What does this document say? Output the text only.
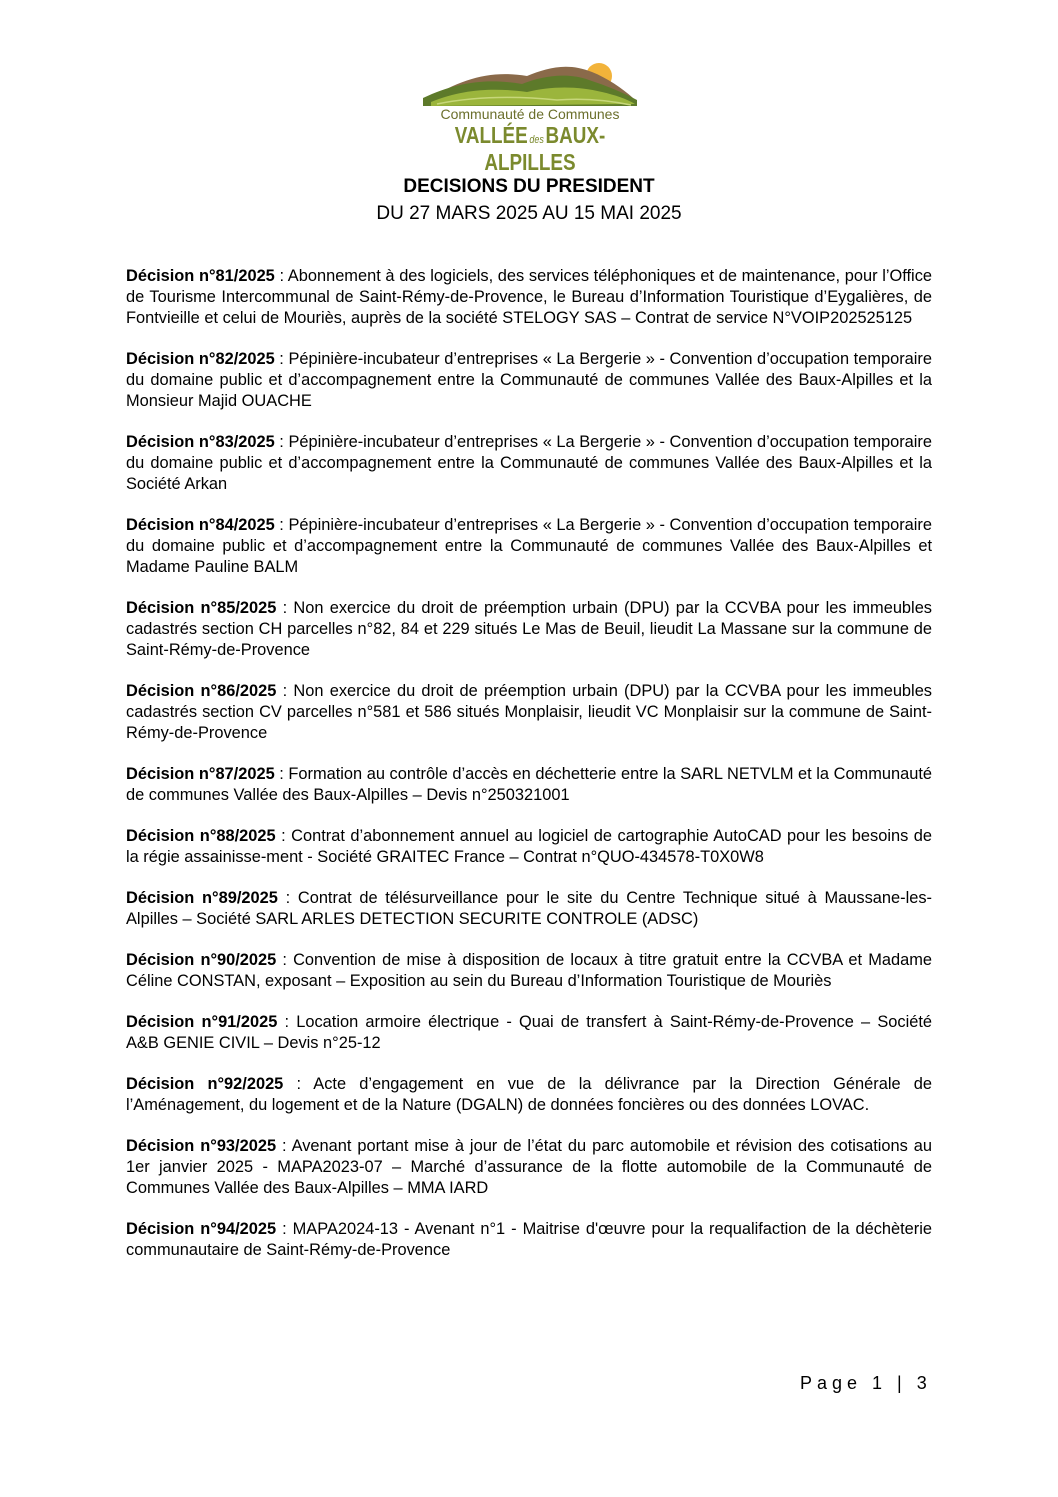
Communauté de Communes
VALLÉE desBAUX-ALPILLES
DECISIONS DU PRESIDENT
DU 27 MARS 2025 AU 15 MAI 2025

Décision n°81/2025 : Abonnement à des logiciels, des services téléphoniques et de maintenance, pour l’Office de Tourisme Intercommunal de Saint-Rémy-de-Provence, le Bureau d’Information Touristique d’Eygalières, de Fontvieille et celui de Mouriès, auprès de la société STELOGY SAS – Contrat de service N°VOIP202525125

Décision n°82/2025 : Pépinière-incubateur d’entreprises « La Bergerie » - Convention d’occupation temporaire du domaine public et d’accompagnement entre la Communauté de communes Vallée des Baux-Alpilles et la Monsieur Majid OUACHE

Décision n°83/2025 : Pépinière-incubateur d’entreprises « La Bergerie » - Convention d’occupation temporaire du domaine public et d’accompagnement entre la Communauté de communes Vallée des Baux-Alpilles et la Société Arkan

Décision n°84/2025 : Pépinière-incubateur d’entreprises « La Bergerie » - Convention d’occupation temporaire du domaine public et d’accompagnement entre la Communauté de communes Vallée des Baux-Alpilles et Madame Pauline BALM

Décision n°85/2025 : Non exercice du droit de préemption urbain (DPU) par la CCVBA pour les immeubles cadastrés section CH parcelles n°82, 84 et 229 situés Le Mas de Beuil, lieudit La Massane sur la commune de Saint-Rémy-de-Provence

Décision n°86/2025 : Non exercice du droit de préemption urbain (DPU) par la CCVBA pour les immeubles cadastrés section CV parcelles n°581 et 586 situés Monplaisir, lieudit VC Monplaisir sur la commune de Saint-Rémy-de-Provence

Décision n°87/2025 : Formation au contrôle d’accès en déchetterie entre la SARL NETVLM et la Communauté de communes Vallée des Baux-Alpilles – Devis n°250321001

Décision n°88/2025 : Contrat d’abonnement annuel au logiciel de cartographie AutoCAD pour les besoins de la régie assainisse-ment - Société GRAITEC France – Contrat n°QUO-434578-T0X0W8

Décision n°89/2025 : Contrat de télésurveillance pour le site du Centre Technique situé à Maussane-les-Alpilles – Société SARL ARLES DETECTION SECURITE CONTROLE (ADSC)

Décision n°90/2025 : Convention de mise à disposition de locaux à titre gratuit entre la CCVBA et Madame Céline CONSTAN, exposant – Exposition au sein du Bureau d’Information Touristique de Mouriès

Décision n°91/2025 : Location armoire électrique - Quai de transfert à Saint-Rémy-de-Provence – Société A&B GENIE CIVIL – Devis n°25-12

Décision n°92/2025 : Acte d’engagement en vue de la délivrance par la Direction Générale de l’Aménagement, du logement et de la Nature (DGALN) de données foncières ou des données LOVAC.

Décision n°93/2025 : Avenant portant mise à jour de l’état du parc automobile et révision des cotisations au 1er janvier 2025 - MAPA2023-07 – Marché d’assurance de la flotte automobile de la Communauté de Communes Vallée des Baux-Alpilles – MMA IARD

Décision n°94/2025 : MAPA2024-13 - Avenant n°1 - Maitrise d'œuvre pour la requalifaction de la déchèterie communautaire de Saint-Rémy-de-Provence

Page 1 | 3
